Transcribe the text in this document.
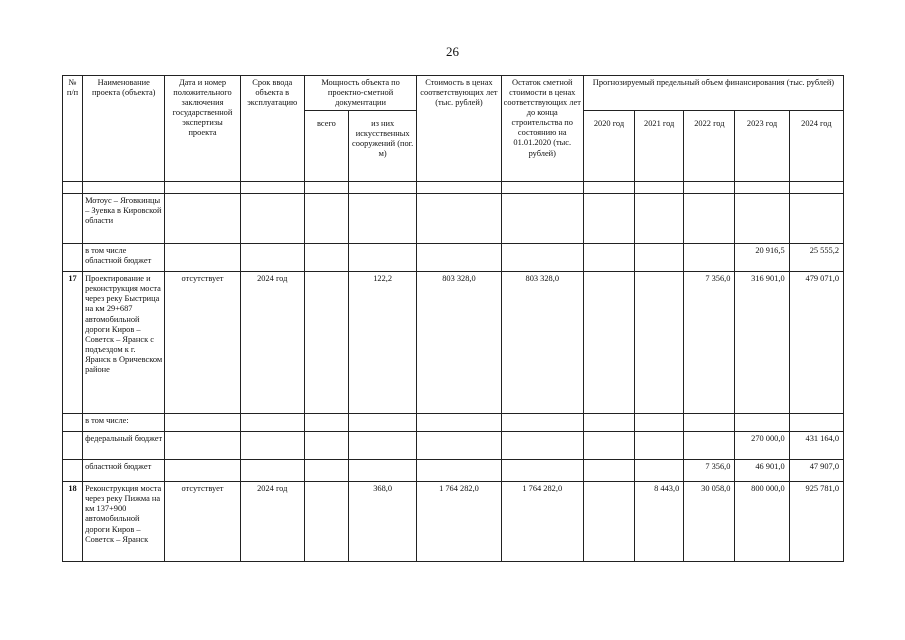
26
№ п/п	Наименование проекта (объекта)	Дата и номер положительного заключения государственной экспертизы проекта	Срок ввода объекта в эксплуатацию	Мощность объекта по проектно-сметной документации		Стоимость в ценах соответствующих лет (тыс. рублей)	Остаток сметной стоимости в ценах соответствующих лет до конца строительства по состоянию на 01.01.2020 (тыс. рублей)	Прогнозируемый предельный объем финансирования (тыс. рублей)				
				всего	из них искусственных сооружений (пог. м)			2020 год	2021 год	2022 год	2023 год	2024 год

	Мотоус – Яговкинцы – Зуевка в Кировской области											
	в том числе областной бюджет										20 916,5	25 555,2
17	Проектирование и реконструкция моста через реку Быстрица на км 29+687 автомобильной дороги Киров – Советск – Яранск с подъездом к г. Яранск в Оричевском районе	отсутствует	2024 год		122,2	803 328,0	803 328,0			7 356,0	316 901,0	479 071,0
	в том числе:											
	федеральный бюджет										270 000,0	431 164,0
	областной бюджет									7 356,0	46 901,0	47 907,0
18	Реконструкция моста через реку Пижма на км 137+900 автомобильной дороги Киров – Советск – Яранск	отсутствует	2024 год		368,0	1 764 282,0	1 764 282,0		8 443,0	30 058,0	800 000,0	925 781,0
